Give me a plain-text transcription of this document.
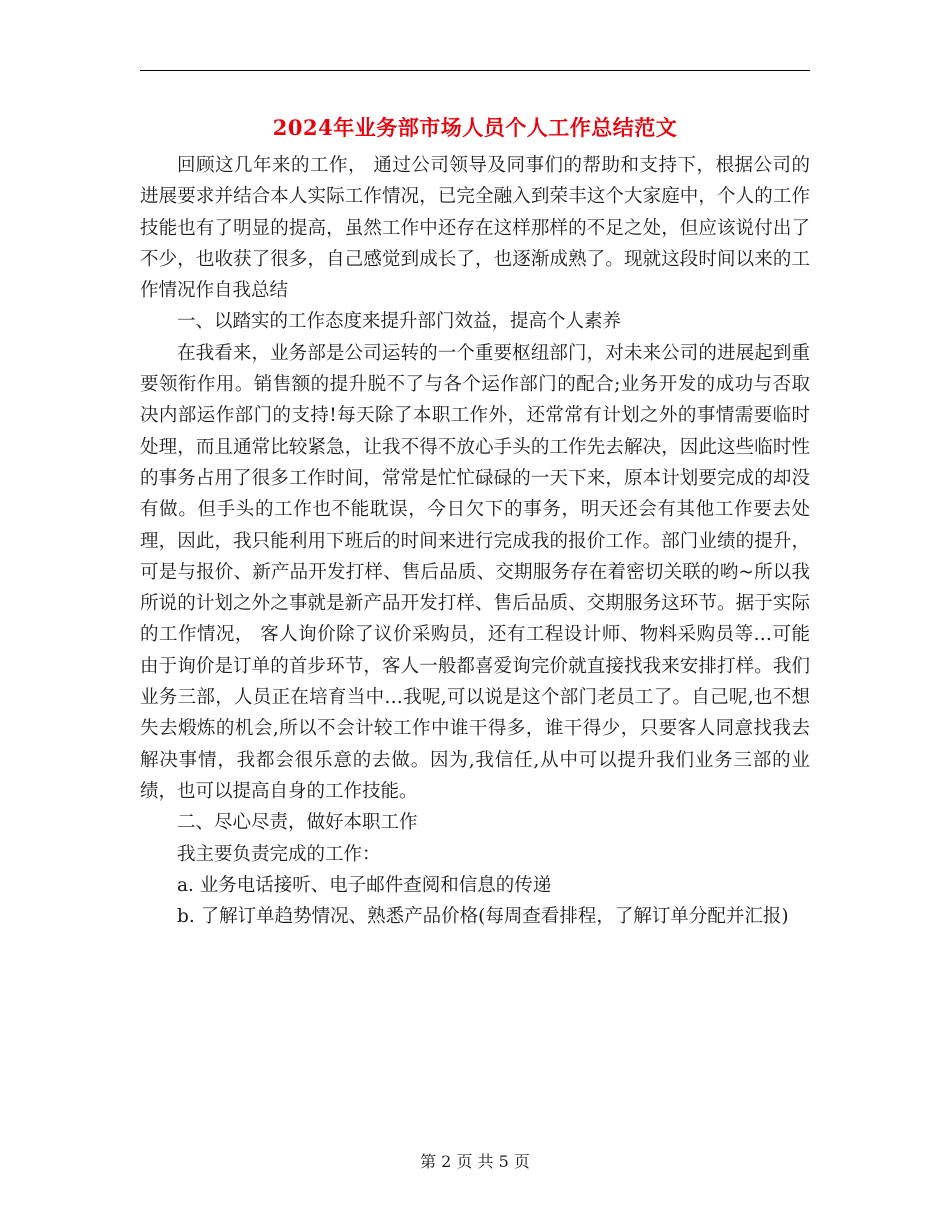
2024年业务部市场人员个人工作总结范文

回顾这几年来的工作， 通过公司领导及同事们的帮助和支持下，根据公司的进展要求并结合本人实际工作情况，已完全融入到荣丰这个大家庭中，个人的工作技能也有了明显的提高，虽然工作中还存在这样那样的不足之处，但应该说付出了不少，也收获了很多，自己感觉到成长了，也逐渐成熟了。现就这段时间以来的工作情况作自我总结

一、以踏实的工作态度来提升部门效益，提高个人素养

在我看来，业务部是公司运转的一个重要枢纽部门，对未来公司的进展起到重要领衔作用。销售额的提升脱不了与各个运作部门的配合;业务开发的成功与否取决内部运作部门的支持!每天除了本职工作外，还常常有计划之外的事情需要临时处理，而且通常比较紧急，让我不得不放心手头的工作先去解决，因此这些临时性的事务占用了很多工作时间，常常是忙忙碌碌的一天下来，原本计划要完成的却没有做。但手头的工作也不能耽误，今日欠下的事务，明天还会有其他工作要去处理，因此，我只能利用下班后的时间来进行完成我的报价工作。部门业绩的提升，可是与报价、新产品开发打样、售后品质、交期服务存在着密切关联的哟~所以我所说的计划之外之事就是新产品开发打样、售后品质、交期服务这环节。据于实际的工作情况， 客人询价除了议价采购员，还有工程设计师、物料采购员等…可能由于询价是订单的首步环节，客人一般都喜爱询完价就直接找我来安排打样。我们业务三部，人员正在培育当中…我呢,可以说是这个部门老员工了。自己呢,也不想失去煅炼的机会,所以不会计较工作中谁干得多，谁干得少，只要客人同意找我去解决事情，我都会很乐意的去做。因为,我信任,从中可以提升我们业务三部的业绩，也可以提高自身的工作技能。

二、尽心尽责，做好本职工作

我主要负责完成的工作：

a. 业务电话接听、电子邮件查阅和信息的传递

b. 了解订单趋势情况、熟悉产品价格(每周查看排程，了解订单分配并汇报)

第 2 页 共 5 页
